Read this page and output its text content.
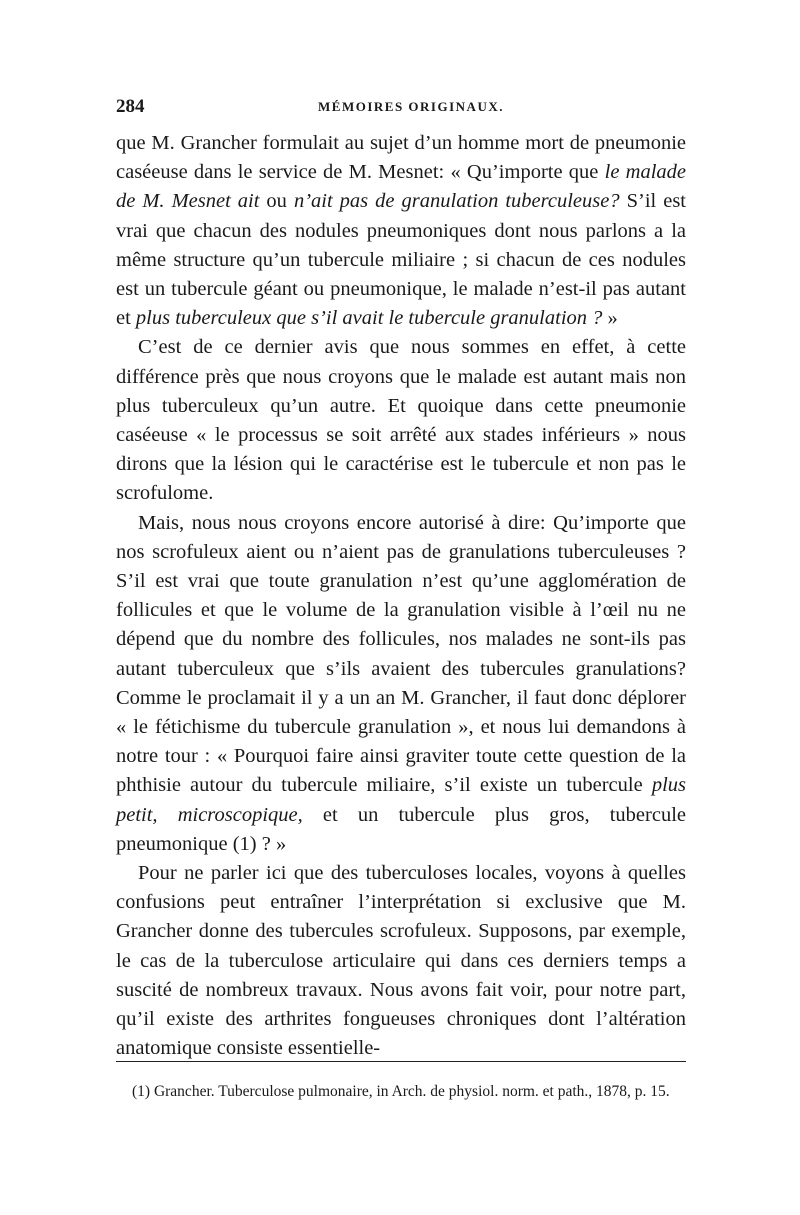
284	MÉMOIRES ORIGINAUX.

que M. Grancher formulait au sujet d’un homme mort de pneumonie caséeuse dans le service de M. Mesnet: « Qu’importe que le malade de M. Mesnet ait ou n’ait pas de granulation tuberculeuse? S’il est vrai que chacun des nodules pneumoniques dont nous parlons a la même structure qu’un tubercule miliaire ; si chacun de ces nodules est un tubercule géant ou pneumonique, le malade n’est-il pas autant et plus tuberculeux que s’il avait le tubercule granulation ? »

C’est de ce dernier avis que nous sommes en effet, à cette différence près que nous croyons que le malade est autant mais non plus tuberculeux qu’un autre. Et quoique dans cette pneumonie caséeuse « le processus se soit arrêté aux stades inférieurs » nous dirons que la lésion qui le caractérise est le tubercule et non pas le scrofulome.

Mais, nous nous croyons encore autorisé à dire: Qu’importe que nos scrofuleux aient ou n’aient pas de granulations tuberculeuses ? S’il est vrai que toute granulation n’est qu’une agglomération de follicules et que le volume de la granulation visible à l’œil nu ne dépend que du nombre des follicules, nos malades ne sont-ils pas autant tuberculeux que s’ils avaient des tubercules granulations? Comme le proclamait il y a un an M. Grancher, il faut donc déplorer « le fétichisme du tubercule granulation », et nous lui demandons à notre tour : « Pourquoi faire ainsi graviter toute cette question de la phthisie autour du tubercule miliaire, s’il existe un tubercule plus petit, microscopique, et un tubercule plus gros, tubercule pneumonique (1) ? »

Pour ne parler ici que des tuberculoses locales, voyons à quelles confusions peut entraîner l’interprétation si exclusive que M. Grancher donne des tubercules scrofuleux. Supposons, par exemple, le cas de la tuberculose articulaire qui dans ces derniers temps a suscité de nombreux travaux. Nous avons fait voir, pour notre part, qu’il existe des arthrites fongueuses chroniques dont l’altération anatomique consiste essentielle-

(1) Grancher. Tuberculose pulmonaire, in Arch. de physiol. norm. et path., 1878, p. 15.
